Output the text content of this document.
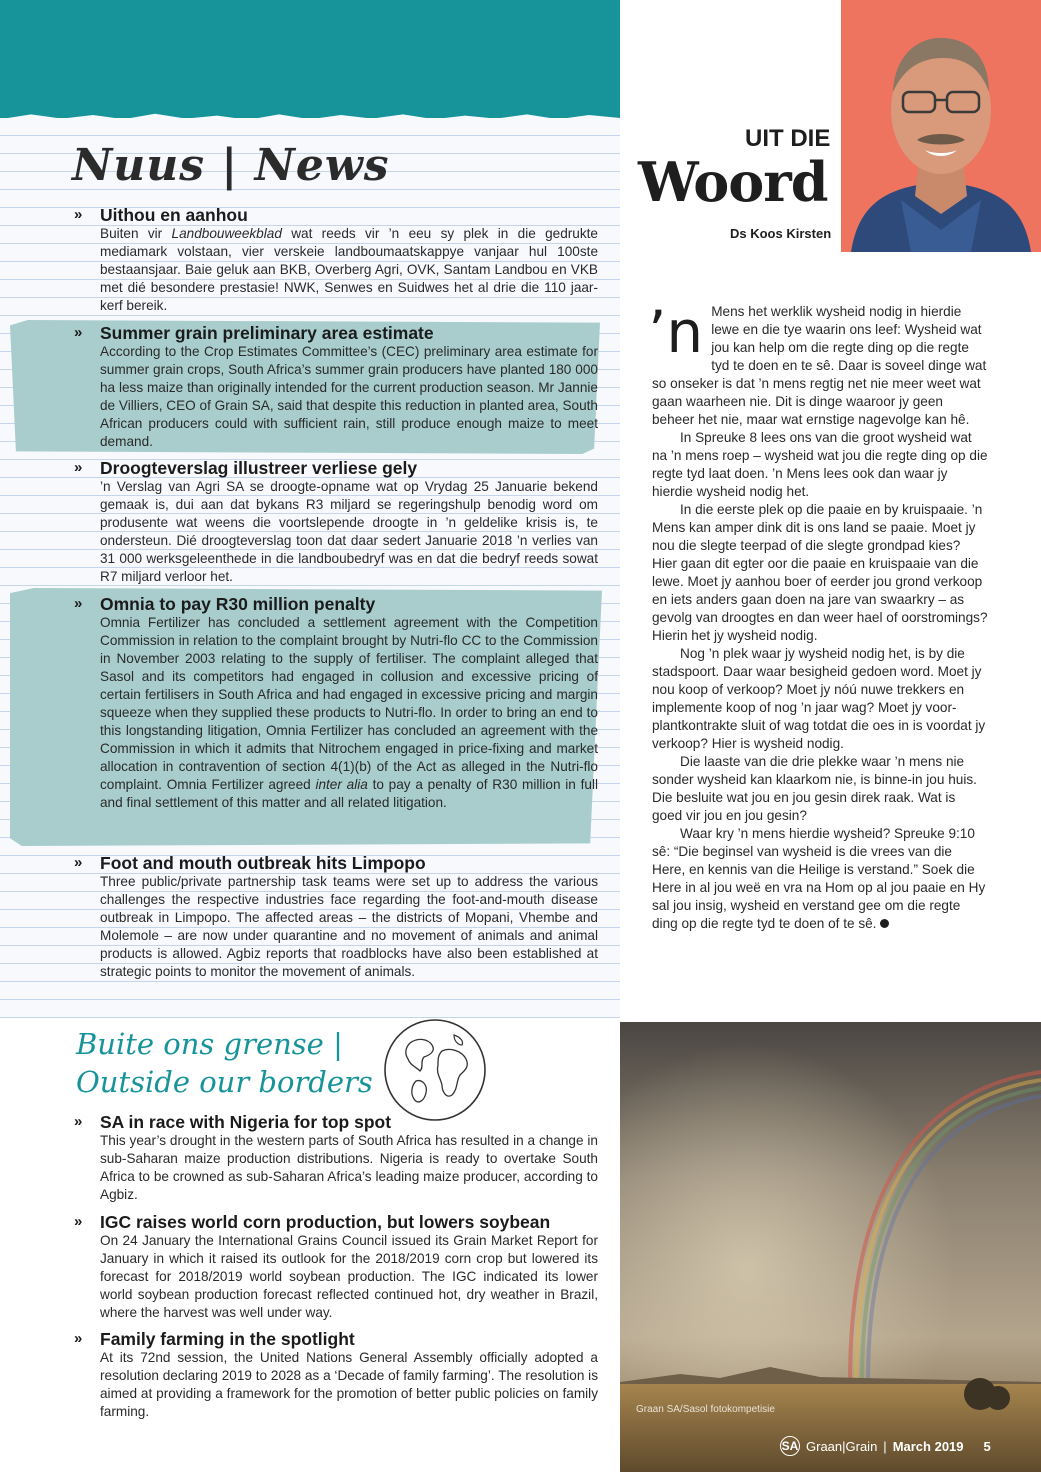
Nuus | News
» Uithou en aanhou
Buiten vir Landbouweekblad wat reeds vir ’n eeu sy plek in die gedrukte mediamark volstaan, vier verskeie landboumaatskappye vanjaar hul 100ste bestaansjaar. Baie geluk aan BKB, Overberg Agri, OVK, Santam Landbou en VKB met dié besondere prestasie! NWK, Senwes en Suidwes het al drie die 110 jaar-kerf bereik.
» Summer grain preliminary area estimate
According to the Crop Estimates Committee’s (CEC) preliminary area estimate for summer grain crops, South Africa’s summer grain producers have planted 180 000 ha less maize than originally intended for the current production season. Mr Jannie de Villiers, CEO of Grain SA, said that despite this reduction in planted area, South African producers could with sufficient rain, still produce enough maize to meet demand.
» Droogteverslag illustreer verliese gely
’n Verslag van Agri SA se droogte-opname wat op Vrydag 25 Januarie bekend gemaak is, dui aan dat bykans R3 miljard se regeringshulp benodig word om produsente wat weens die voortslepende droogte in ’n geldelike krisis is, te ondersteun. Dié droogteverslag toon dat daar sedert Januarie 2018 ’n verlies van 31 000 werksgeleenthede in die landboubedryf was en dat die bedryf reeds sowat R7 miljard verloor het.
» Omnia to pay R30 million penalty
Omnia Fertilizer has concluded a settlement agreement with the Competition Commission in relation to the complaint brought by Nutri-flo CC to the Commission in November 2003 relating to the supply of fertiliser. The complaint alleged that Sasol and its competitors had engaged in collusion and excessive pricing of certain fertilisers in South Africa and had engaged in excessive pricing and margin squeeze when they supplied these products to Nutri-flo. In order to bring an end to this longstanding litigation, Omnia Fertilizer has concluded an agreement with the Commission in which it admits that Nitrochem engaged in price-fixing and market allocation in contravention of section 4(1)(b) of the Act as alleged in the Nutri-flo complaint. Omnia Fertilizer agreed inter alia to pay a penalty of R30 million in full and final settlement of this matter and all related litigation.
» Foot and mouth outbreak hits Limpopo
Three public/private partnership task teams were set up to address the various challenges the respective industries face regarding the foot-and-mouth disease outbreak in Limpopo. The affected areas – the districts of Mopani, Vhembe and Molemole – are now under quarantine and no movement of animals and animal products is allowed. Agbiz reports that roadblocks have also been established at strategic points to monitor the movement of animals.
Buite ons grense |
Outside our borders
» SA in race with Nigeria for top spot
This year’s drought in the western parts of South Africa has resulted in a change in sub-Saharan maize production distributions. Nigeria is ready to overtake South Africa to be crowned as sub-Saharan Africa’s leading maize producer, according to Agbiz.
» IGC raises world corn production, but lowers soybean
On 24 January the International Grains Council issued its Grain Market Report for January in which it raised its outlook for the 2018/2019 corn crop but lowered its forecast for 2018/2019 world soybean production. The IGC indicated its lower world soybean production forecast reflected continued hot, dry weather in Brazil, where the harvest was well under way.
» Family farming in the spotlight
At its 72nd session, the United Nations General Assembly officially adopted a resolution declaring 2019 to 2028 as a ‘Decade of family farming’. The resolution is aimed at providing a framework for the promotion of better public policies on family farming.
UIT DIE
Woord
Ds Koos Kirsten

’n Mens het werklik wysheid nodig in hierdie lewe en die tye waarin ons leef: Wysheid wat jou kan help om die regte ding op die regte tyd te doen en te sê. Daar is soveel dinge wat so onseker is dat ’n mens regtig net nie meer weet wat gaan waarheen nie. Dit is dinge waaroor jy geen beheer het nie, maar wat ernstige nagevolge kan hê.

In Spreuke 8 lees ons van die groot wysheid wat na ’n mens roep – wysheid wat jou die regte ding op die regte tyd laat doen. ’n Mens lees ook dan waar jy hierdie wysheid nodig het.

In die eerste plek op die paaie en by kruispaaie. ’n Mens kan amper dink dit is ons land se paaie. Moet jy nou die slegte teerpad of die slegte grondpad kies? Hier gaan dit egter oor die paaie en kruispaaie van die lewe. Moet jy aanhou boer of eerder jou grond verkoop en iets anders gaan doen na jare van swaarkry – as gevolg van droogtes en dan weer hael of oorstromings? Hierin het jy wysheid nodig.

Nog ’n plek waar jy wysheid nodig het, is by die stadspoort. Daar waar besigheid gedoen word. Moet jy nou koop of verkoop? Moet jy nóú nuwe trekkers en implemente koop of nog ’n jaar wag? Moet jy voor-plantkontrakte sluit of wag totdat die oes in is voordat jy verkoop? Hier is wysheid nodig.

Die laaste van die drie plekke waar ’n mens nie sonder wysheid kan klaarkom nie, is binne-in jou huis. Die besluite wat jou en jou gesin direk raak. Wat is goed vir jou en jou gesin?

Waar kry ’n mens hierdie wysheid? Spreuke 9:10 sê: “Die beginsel van wysheid is die vrees van die Here, en kennis van die Heilige is verstand.” Soek die Here in al jou weë en vra na Hom op al jou paaie en Hy sal jou insig, wysheid en verstand gee om die regte ding op die regte tyd te doen of te sê.

Graan SA/Sasol fotokompetisie
SA Graan|Grain | March 2019 5
